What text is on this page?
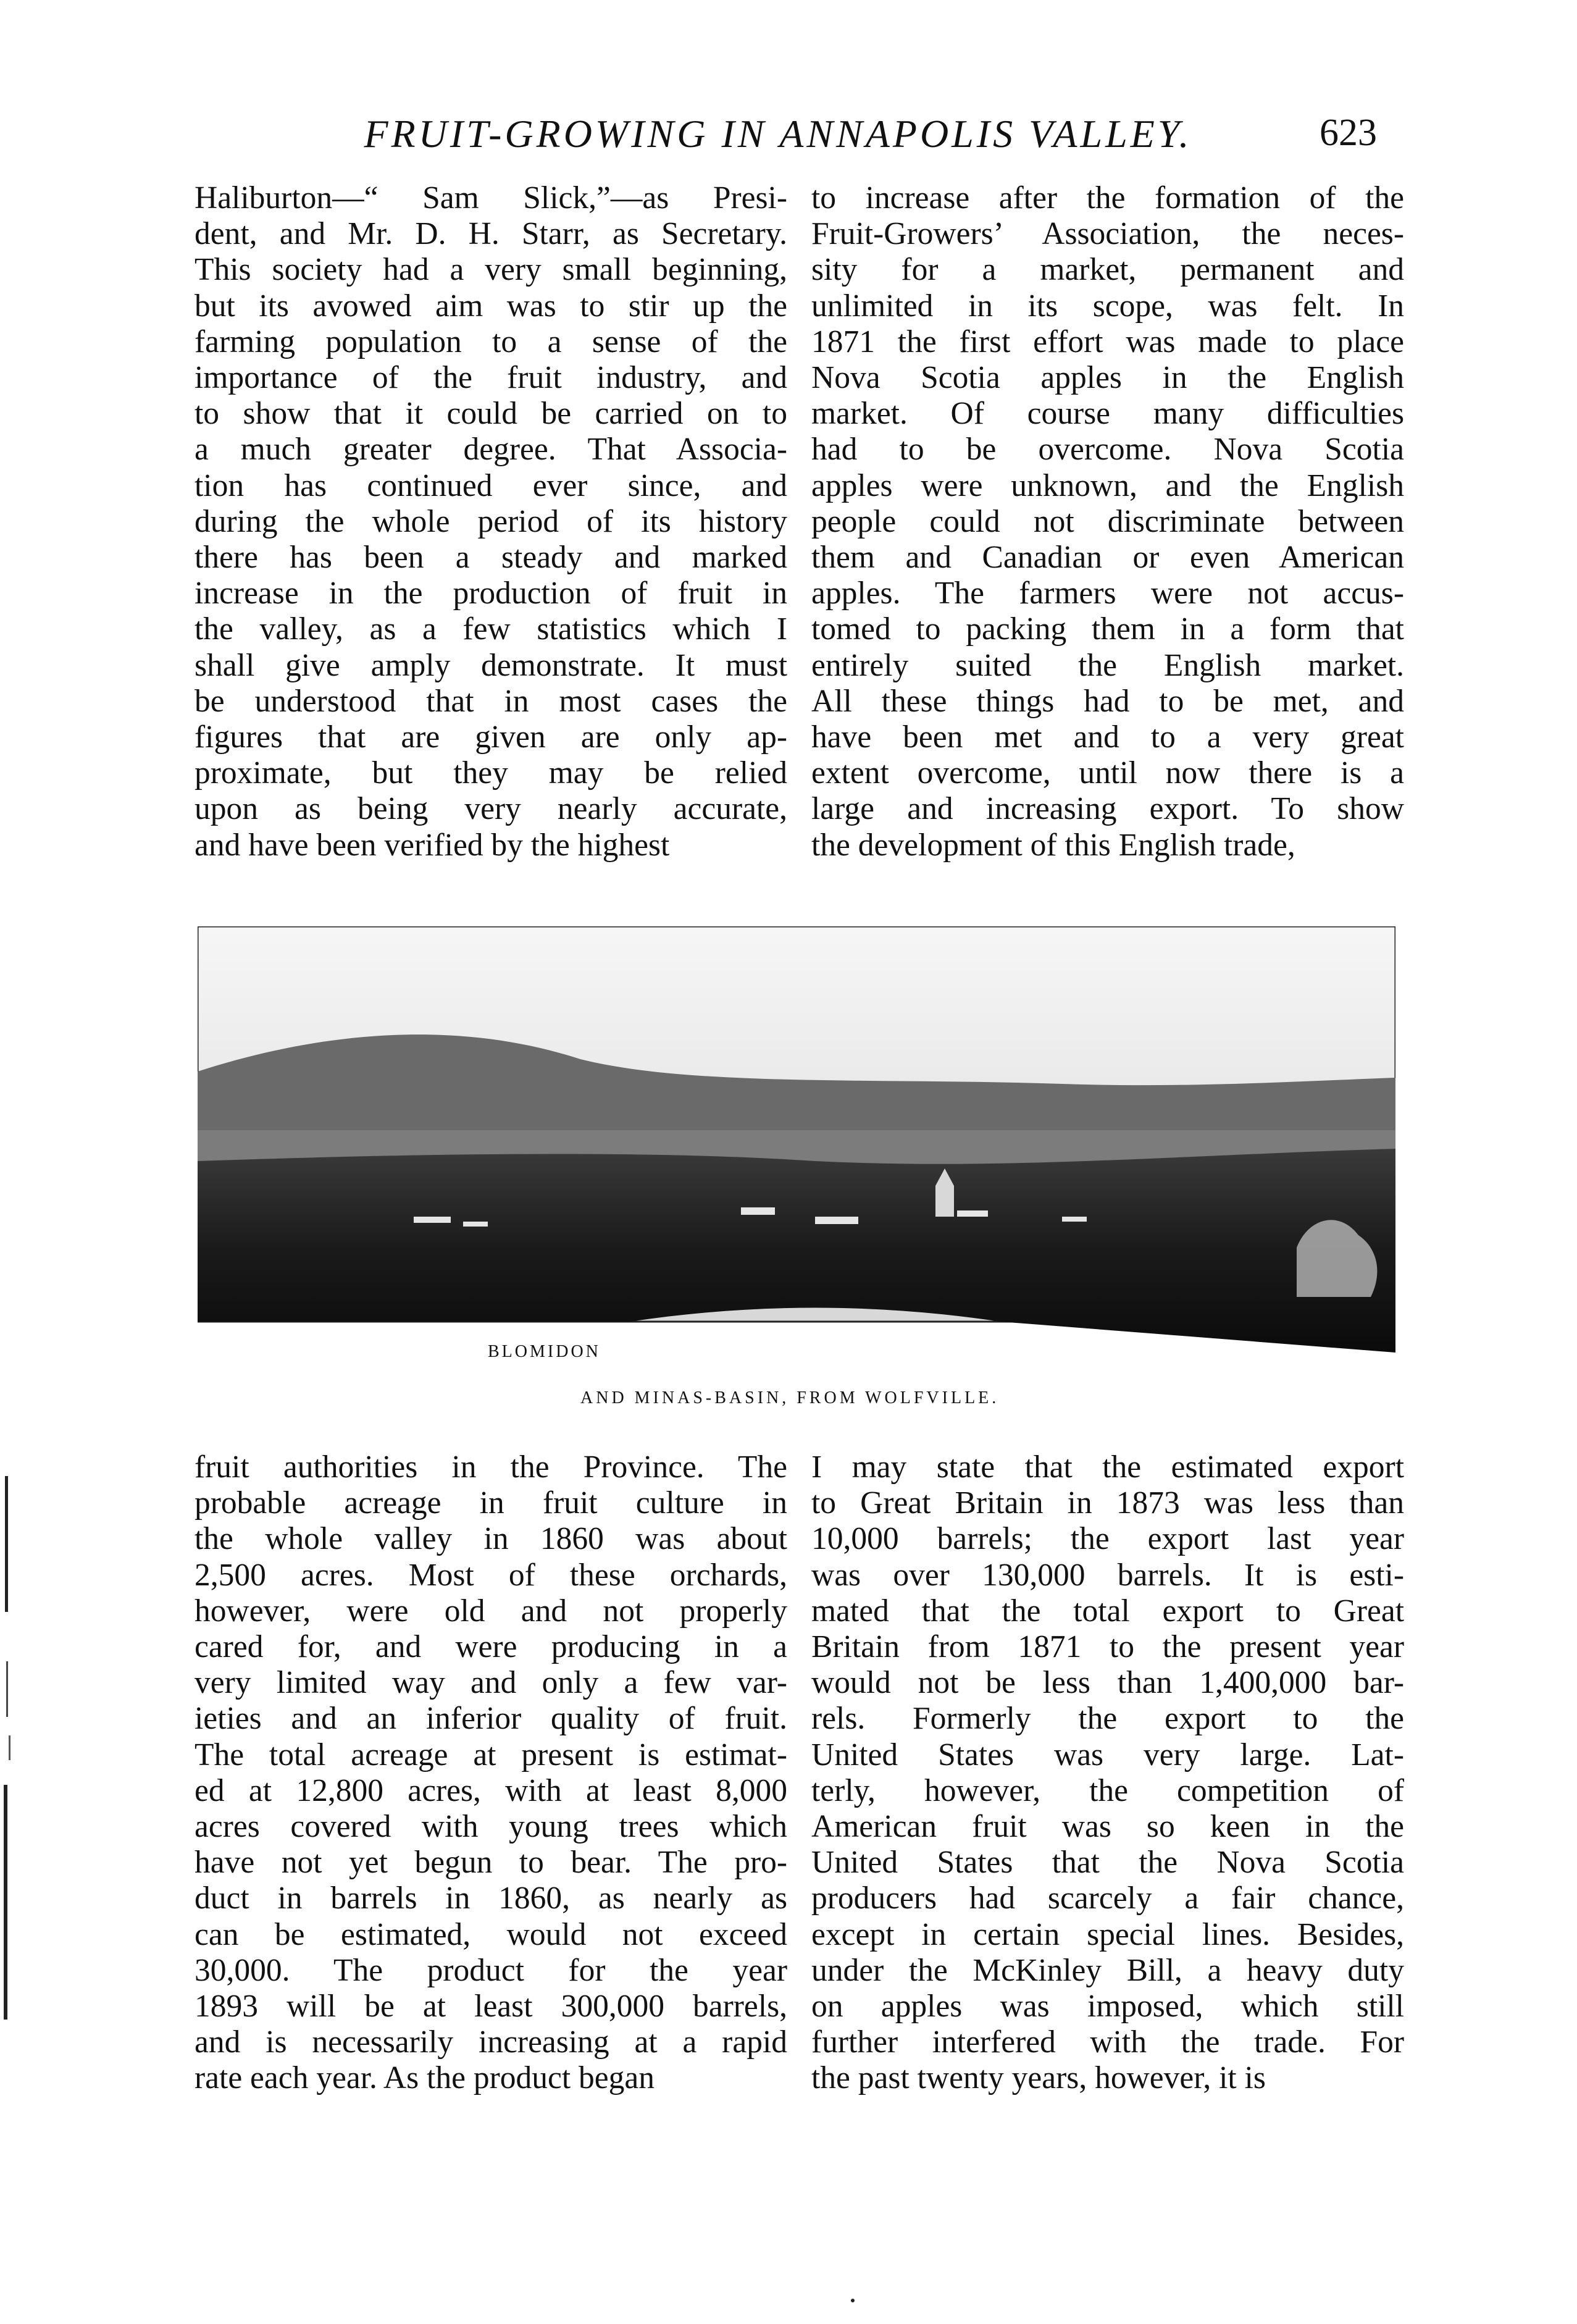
FRUIT-GROWING IN ANNAPOLIS VALLEY.	623
Haliburton—“ Sam Slick,”—as Presi-
dent, and Mr. D. H. Starr, as Secretary.
This society had a very small beginning,
but its avowed aim was to stir up the
farming population to a sense of the
importance of the fruit industry, and
to show that it could be carried on to
a much greater degree. That Associa-
tion has continued ever since, and
during the whole period of its history
there has been a steady and marked
increase in the production of fruit in
the valley, as a few statistics which I
shall give amply demonstrate. It must
be understood that in most cases the
figures that are given are only ap-
proximate, but they may be relied
upon as being very nearly accurate,
and have been verified by the highest
to increase after the formation of the
Fruit-Growers’ Association, the neces-
sity for a market, permanent and
unlimited in its scope, was felt. In
1871 the first effort was made to place
Nova Scotia apples in the English
market. Of course many difficulties
had to be overcome. Nova Scotia
apples were unknown, and the English
people could not discriminate between
them and Canadian or even American
apples. The farmers were not accus-
tomed to packing them in a form that
entirely suited the English market.
All these things had to be met, and
have been met and to a very great
extent overcome, until now there is a
large and increasing export. To show
the development of this English trade,
BLOMIDON
AND MINAS-BASIN, FROM WOLFVILLE.
fruit authorities in the Province. The
probable acreage in fruit culture in
the whole valley in 1860 was about
2,500 acres. Most of these orchards,
however, were old and not properly
cared for, and were producing in a
very limited way and only a few var-
ieties and an inferior quality of fruit.
The total acreage at present is estimat-
ed at 12,800 acres, with at least 8,000
acres covered with young trees which
have not yet begun to bear. The pro-
duct in barrels in 1860, as nearly as
can be estimated, would not exceed
30,000. The product for the year
1893 will be at least 300,000 barrels,
and is necessarily increasing at a rapid
rate each year. As the product began
I may state that the estimated export
to Great Britain in 1873 was less than
10,000 barrels; the export last year
was over 130,000 barrels. It is esti-
mated that the total export to Great
Britain from 1871 to the present year
would not be less than 1,400,000 bar-
rels. Formerly the export to the
United States was very large. Lat-
terly, however, the competition of
American fruit was so keen in the
United States that the Nova Scotia
producers had scarcely a fair chance,
except in certain special lines. Besides,
under the McKinley Bill, a heavy duty
on apples was imposed, which still
further interfered with the trade. For
the past twenty years, however, it is
